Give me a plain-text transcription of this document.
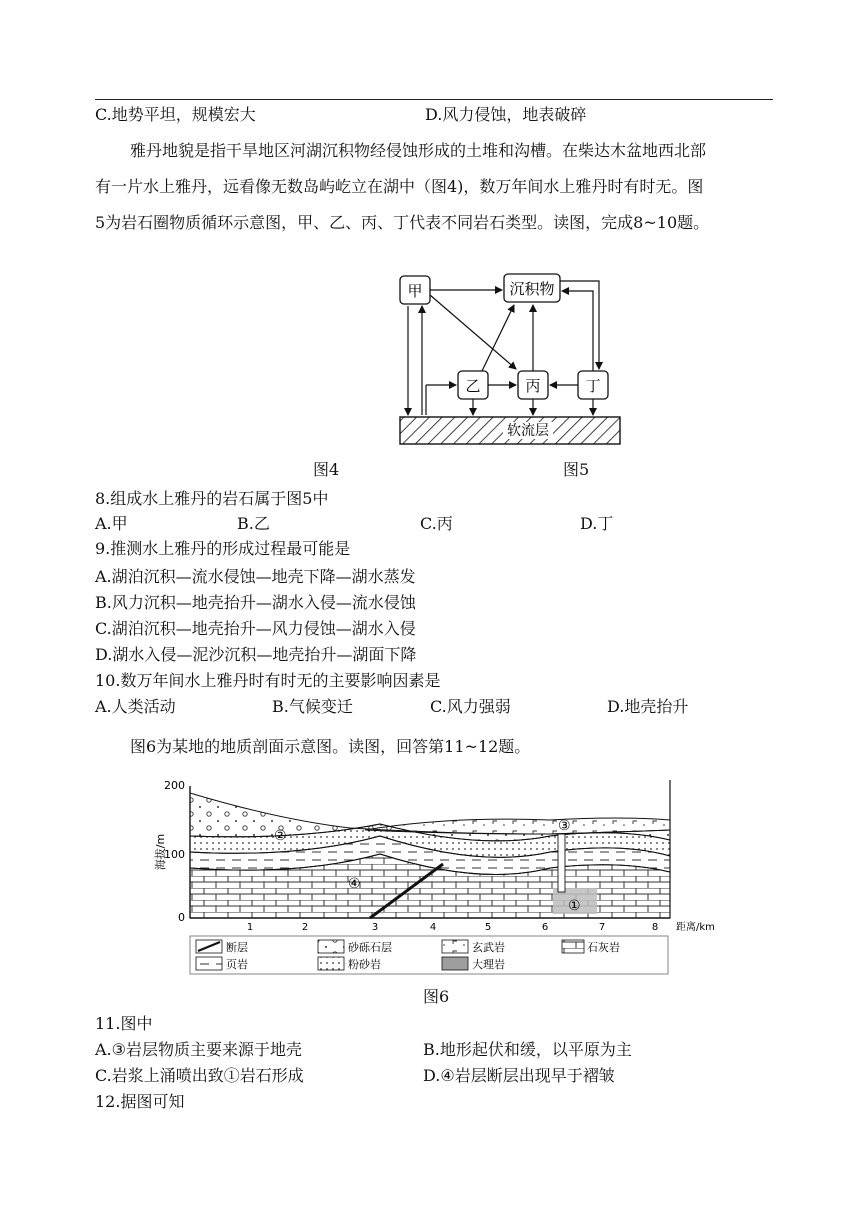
C.地势平坦，规模宏大	D.风力侵蚀，地表破碎
雅丹地貌是指干旱地区河湖沉积物经侵蚀形成的土堆和沟槽。在柴达木盆地西北部
有一片水上雅丹，远看像无数岛屿屹立在湖中（图4)，数万年间水上雅丹时有时无。图
5为岩石圈物质循环示意图，甲、乙、丙、丁代表不同岩石类型。读图，完成8~10题。
甲	沉积物
乙	丙	丁
软流层
图4	图5
8.组成水上雅丹的岩石属于图5中
A.甲	B.乙	C.丙	D.丁
9.推测水上雅丹的形成过程最可能是
A.湖泊沉积—流水侵蚀—地壳下降—湖水蒸发
B.风力沉积—地壳抬升—湖水入侵—流水侵蚀
C.湖泊沉积—地壳抬升—风力侵蚀—湖水入侵
D.湖水入侵—泥沙沉积—地壳抬升—湖面下降
10.数万年间水上雅丹时有时无的主要影响因素是
A.人类活动	B.气候变迁	C.风力强弱	D.地壳抬升
图6为某地的地质剖面示意图。读图，回答第11~12题。
200
100
0
海拔/m
1	2	3	4	5	6	7	8 距离/km
②
③
④
①
断层	砂砾石层	玄武岩	石灰岩
页岩	粉砂岩	大理岩
图6
11.图中
A.③岩层物质主要来源于地壳	B.地形起伏和缓，以平原为主
C.岩浆上涌喷出致①岩石形成	D.④岩层断层出现早于褶皱
12.据图可知
